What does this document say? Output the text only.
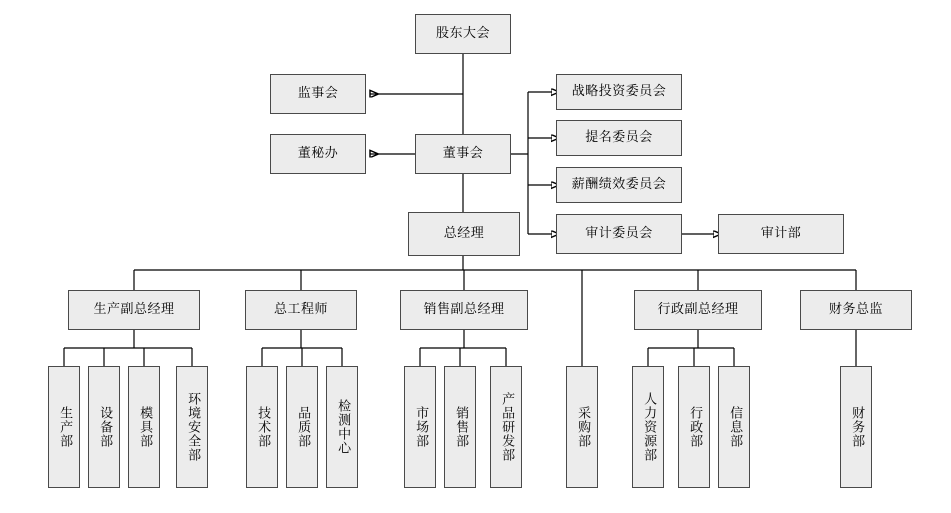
股东大会
监事会
董事会
董秘办
战略投资委员会
提名委员会
薪酬绩效委员会
审计委员会	审计部
总经理
生产副总经理	总工程师	销售副总经理	行政副总经理	财务总监
生产部 设备部 模具部	环境安全部	技术部 品质部 检测中心	市场部 销售部 产品研发部	采购部	人力资源部 行政部 信息部	财务部
